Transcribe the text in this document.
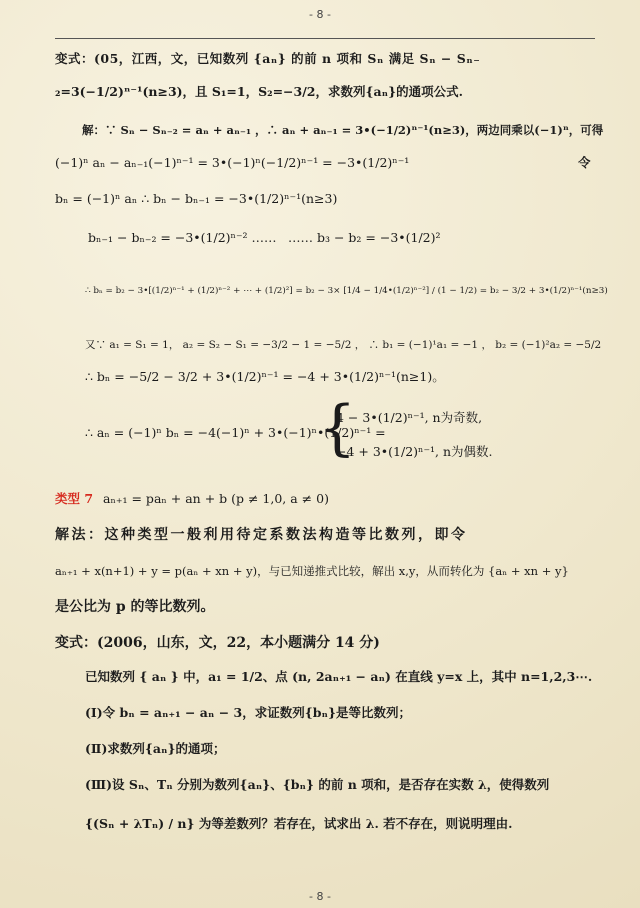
- 8 -
变式：(05，江西，文，已知数列 {aₙ} 的前 n 项和 Sₙ 满足 Sₙ − Sₙ₋
₂=3(−1/2)ⁿ⁻¹(n≥3)，且 S₁=1，S₂=−3/2，求数列{aₙ}的通项公式.
解：∵ Sₙ − Sₙ₋₂ = aₙ + aₙ₋₁ ，∴ aₙ + aₙ₋₁ = 3•(−1/2)ⁿ⁻¹(n≥3)，两边同乘以(−1)ⁿ，可得
(−1)ⁿ aₙ − aₙ₋₁(−1)ⁿ⁻¹ = 3•(−1)ⁿ(−1/2)ⁿ⁻¹ = −3•(1/2)ⁿ⁻¹	令
bₙ = (−1)ⁿ aₙ ∴ bₙ − bₙ₋₁ = −3•(1/2)ⁿ⁻¹(n≥3)
bₙ₋₁ − bₙ₋₂ = −3•(1/2)ⁿ⁻² …… …… b₃ − b₂ = −3•(1/2)²
∴ bₙ = b₂ − 3•[(1/2)ⁿ⁻¹ + (1/2)ⁿ⁻² + ⋯ + (1/2)²] = b₂ − 3× [1/4 − 1/4•(1/2)ⁿ⁻²] / (1 − 1/2) = b₂ − 3/2 + 3•(1/2)ⁿ⁻¹(n≥3)
又∵ a₁ = S₁ = 1， a₂ = S₂ − S₁ = −3/2 − 1 = −5/2 ， ∴ b₁ = (−1)¹a₁ = −1 ， b₂ = (−1)²a₂ = −5/2
∴ bₙ = −5/2 − 3/2 + 3•(1/2)ⁿ⁻¹ = −4 + 3•(1/2)ⁿ⁻¹(n≥1)。
∴ aₙ = (−1)ⁿ bₙ = −4(−1)ⁿ + 3•(−1)ⁿ•(1/2)ⁿ⁻¹ =
{
4 − 3•(1/2)ⁿ⁻¹, n为奇数,
−4 + 3•(1/2)ⁿ⁻¹, n为偶数.
类型 7 aₙ₊₁ = paₙ + an + b (p ≠ 1,0, a ≠ 0)
解法：这种类型一般利用待定系数法构造等比数列，即令
aₙ₊₁ + x(n+1) + y = p(aₙ + xn + y)，与已知递推式比较，解出 x,y，从而转化为 {aₙ + xn + y}
是公比为 p 的等比数列。
变式：(2006，山东，文，22，本小题满分 14 分)
已知数列 { aₙ } 中，a₁ = 1/2、点 (n, 2aₙ₊₁ − aₙ) 在直线 y=x 上，其中 n=1,2,3⋯.
(Ⅰ)令 bₙ = aₙ₊₁ − aₙ − 3，求证数列{bₙ}是等比数列；
(Ⅱ)求数列{aₙ}的通项；
(Ⅲ)设 Sₙ、Tₙ 分别为数列{aₙ}、{bₙ} 的前 n 项和，是否存在实数 λ，使得数列
{(Sₙ + λTₙ) / n} 为等差数列？若存在，试求出 λ. 若不存在，则说明理由.
- 8 -
